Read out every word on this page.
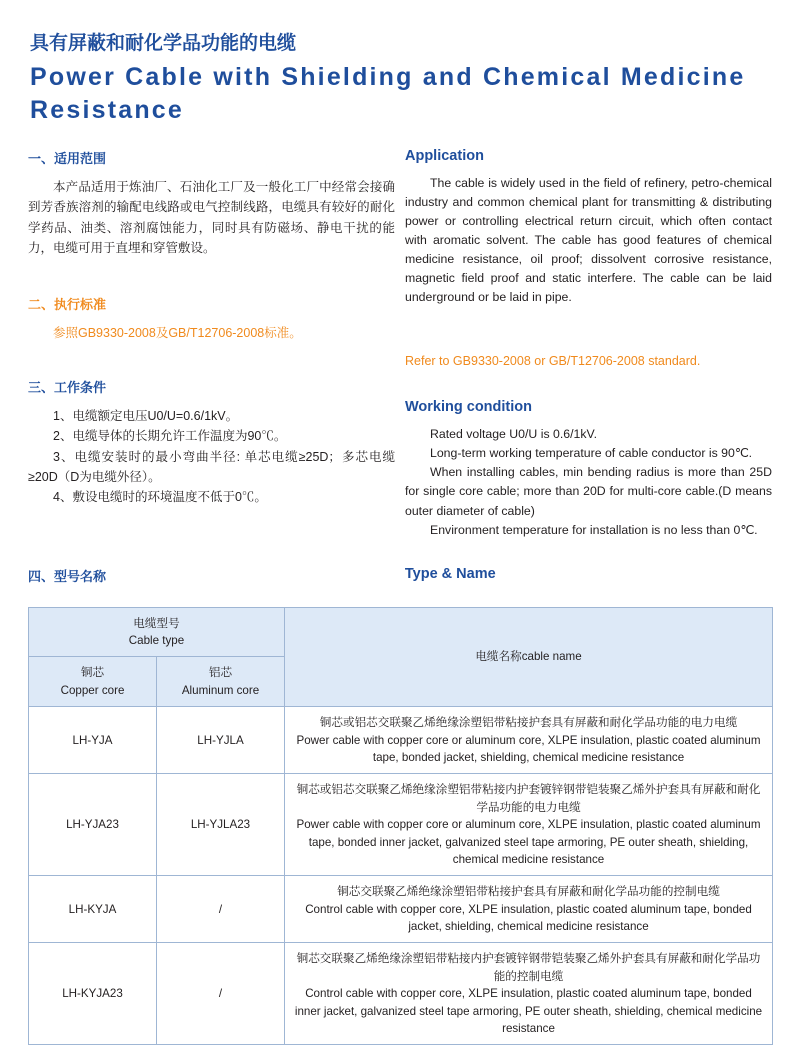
具有屏蔽和耐化学品功能的电缆
Power Cable with Shielding and Chemical Medicine Resistance
一、适用范围

本产品适用于炼油厂、石油化工厂及一般化工厂中经常会接确到芳香族溶剂的输配电线路或电气控制线路，电缆具有较好的耐化学药品、油类、溶剂腐蚀能力，同时具有防磁场、静电干扰的能力，电缆可用于直埋和穿管敷设。

二、执行标准

参照GB9330-2008及GB/T12706-2008标准。

三、工作条件

1、电缆额定电压U0/U=0.6/1kV。

2、电缆导体的长期允许工作温度为90℃。

3、电缆安装时的最小弯曲半径: 单芯电缆≥25D；多芯电缆≥20D（D为电缆外径）。

4、敷设电缆时的环境温度不低于0℃。

Application

The cable is widely used in the field of refinery, petro-chemical industry and common chemical plant for transmitting & distributing power or controlling electrical return circuit, which often contact with aromatic solvent. The cable has good features of chemical medicine resistance, oil proof; dissolvent corrosive resistance, magnetic field proof and static interfere. The cable can be laid underground or be laid in pipe.

Refer to GB9330-2008 or GB/T12706-2008 standard.

Working condition

Rated voltage U0/U is 0.6/1kV.

Long-term working temperature of cable conductor is 90℃.

When installing cables, min bending radius is more than 25D for single core cable; more than 20D for multi-core cable.(D means outer diameter of cable)

Environment temperature for installation is no less than 0℃.

四、型号名称	Type & Name
电缆型号
Cable type		电缆名称cable name

铜芯
Copper core	铝芯
Aluminum core	

LH-YJA	LH-YJLA	铜芯或铝芯交联聚乙烯绝缘涂塑铝带粘接护套具有屏蔽和耐化学品功能的电力电缆
Power cable with copper core or aluminum core, XLPE insulation, plastic coated aluminum tape, bonded jacket, shielding, chemical medicine resistance

LH-YJA23	LH-YJLA23	铜芯或铝芯交联聚乙烯绝缘涂塑铝带粘接内护套镀锌钢带铠装聚乙烯外护套具有屏蔽和耐化学品功能的电力电缆
Power cable with copper core or aluminum core, XLPE insulation, plastic coated aluminum tape, bonded inner jacket, galvanized steel tape armoring, PE outer sheath, shielding, chemical medicine resistance

LH-KYJA	/	铜芯交联聚乙烯绝缘涂塑铝带粘接护套具有屏蔽和耐化学品功能的控制电缆
Control cable with copper core, XLPE insulation, plastic coated aluminum tape, bonded jacket, shielding, chemical medicine resistance

LH-KYJA23	/	铜芯交联聚乙烯绝缘涂塑铝带粘接内护套镀锌钢带铠装聚乙烯外护套具有屏蔽和耐化学品功能的控制电缆
Control cable with copper core, XLPE insulation, plastic coated aluminum tape, bonded inner jacket, galvanized steel tape armoring, PE outer sheath, shielding, chemical medicine resistance
